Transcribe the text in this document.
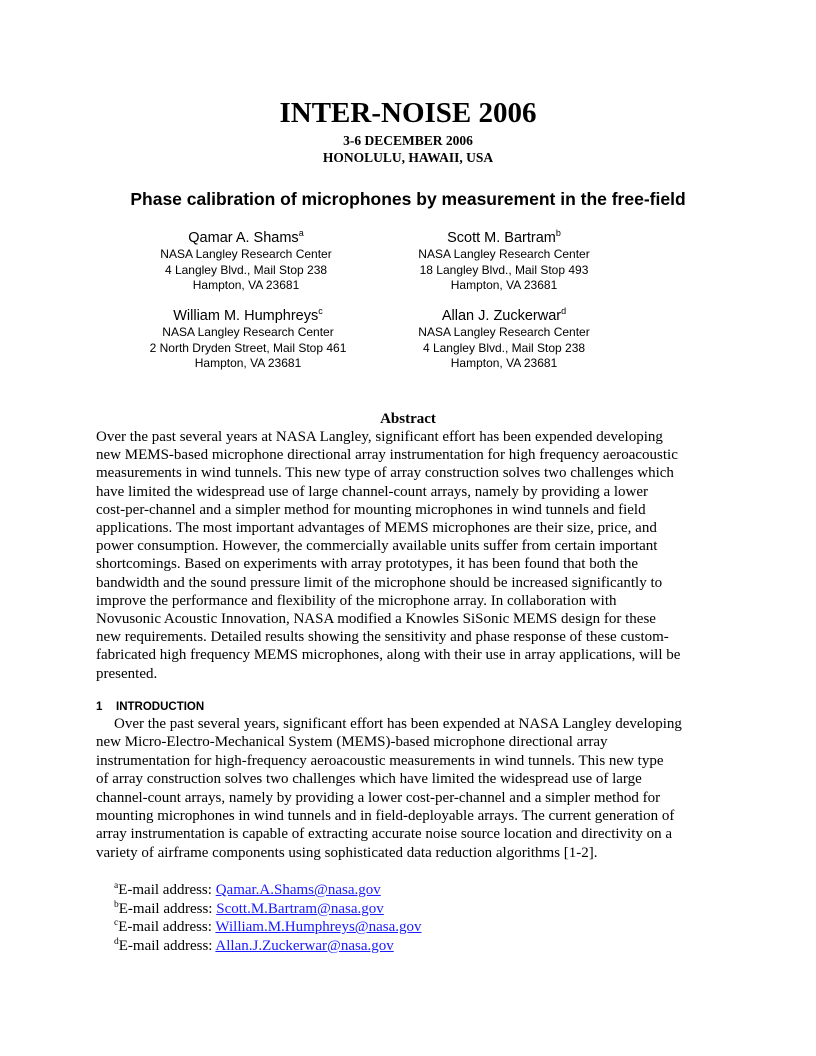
INTER-NOISE 2006
3-6 DECEMBER 2006
HONOLULU, HAWAII, USA
Phase calibration of microphones by measurement in the free-field
Qamar A. Shams$^a$
NASA Langley Research Center
4 Langley Blvd., Mail Stop 238
Hampton, VA 23681
Scott M. Bartram$^b$
NASA Langley Research Center
18 Langley Blvd., Mail Stop 493
Hampton, VA 23681
William M. Humphreys$^c$
NASA Langley Research Center
2 North Dryden Street, Mail Stop 461
Hampton, VA 23681
Allan J. Zuckerwar$^d$
NASA Langley Research Center
4 Langley Blvd., Mail Stop 238
Hampton, VA 23681
Abstract
Over the past several years at NASA Langley, significant effort has been expended developing
new MEMS-based microphone directional array instrumentation for high frequency aeroacoustic
measurements in wind tunnels. This new type of array construction solves two challenges which
have limited the widespread use of large channel-count arrays, namely by providing a lower
cost-per-channel and a simpler method for mounting microphones in wind tunnels and field
applications. The most important advantages of MEMS microphones are their size, price, and
power consumption. However, the commercially available units suffer from certain important
shortcomings. Based on experiments with array prototypes, it has been found that both the
bandwidth and the sound pressure limit of the microphone should be increased significantly to
improve the performance and flexibility of the microphone array. In collaboration with
Novusonic Acoustic Innovation, NASA modified a Knowles SiSonic MEMS design for these
new requirements. Detailed results showing the sensitivity and phase response of these custom-
fabricated high frequency MEMS microphones, along with their use in array applications, will be
presented.
1 INTRODUCTION
Over the past several years, significant effort has been expended at NASA Langley developing
new Micro-Electro-Mechanical System (MEMS)-based microphone directional array
instrumentation for high-frequency aeroacoustic measurements in wind tunnels. This new type
of array construction solves two challenges which have limited the widespread use of large
channel-count arrays, namely by providing a lower cost-per-channel and a simpler method for
mounting microphones in wind tunnels and in field-deployable arrays. The current generation of
array instrumentation is capable of extracting accurate noise source location and directivity on a
variety of airframe components using sophisticated data reduction algorithms [1-2].
$^a$E-mail address: Qamar.A.Shams@nasa.gov
$^b$E-mail address: Scott.M.Bartram@nasa.gov
$^c$E-mail address: William.M.Humphreys@nasa.gov
$^d$E-mail address: Allan.J.Zuckerwar@nasa.gov
